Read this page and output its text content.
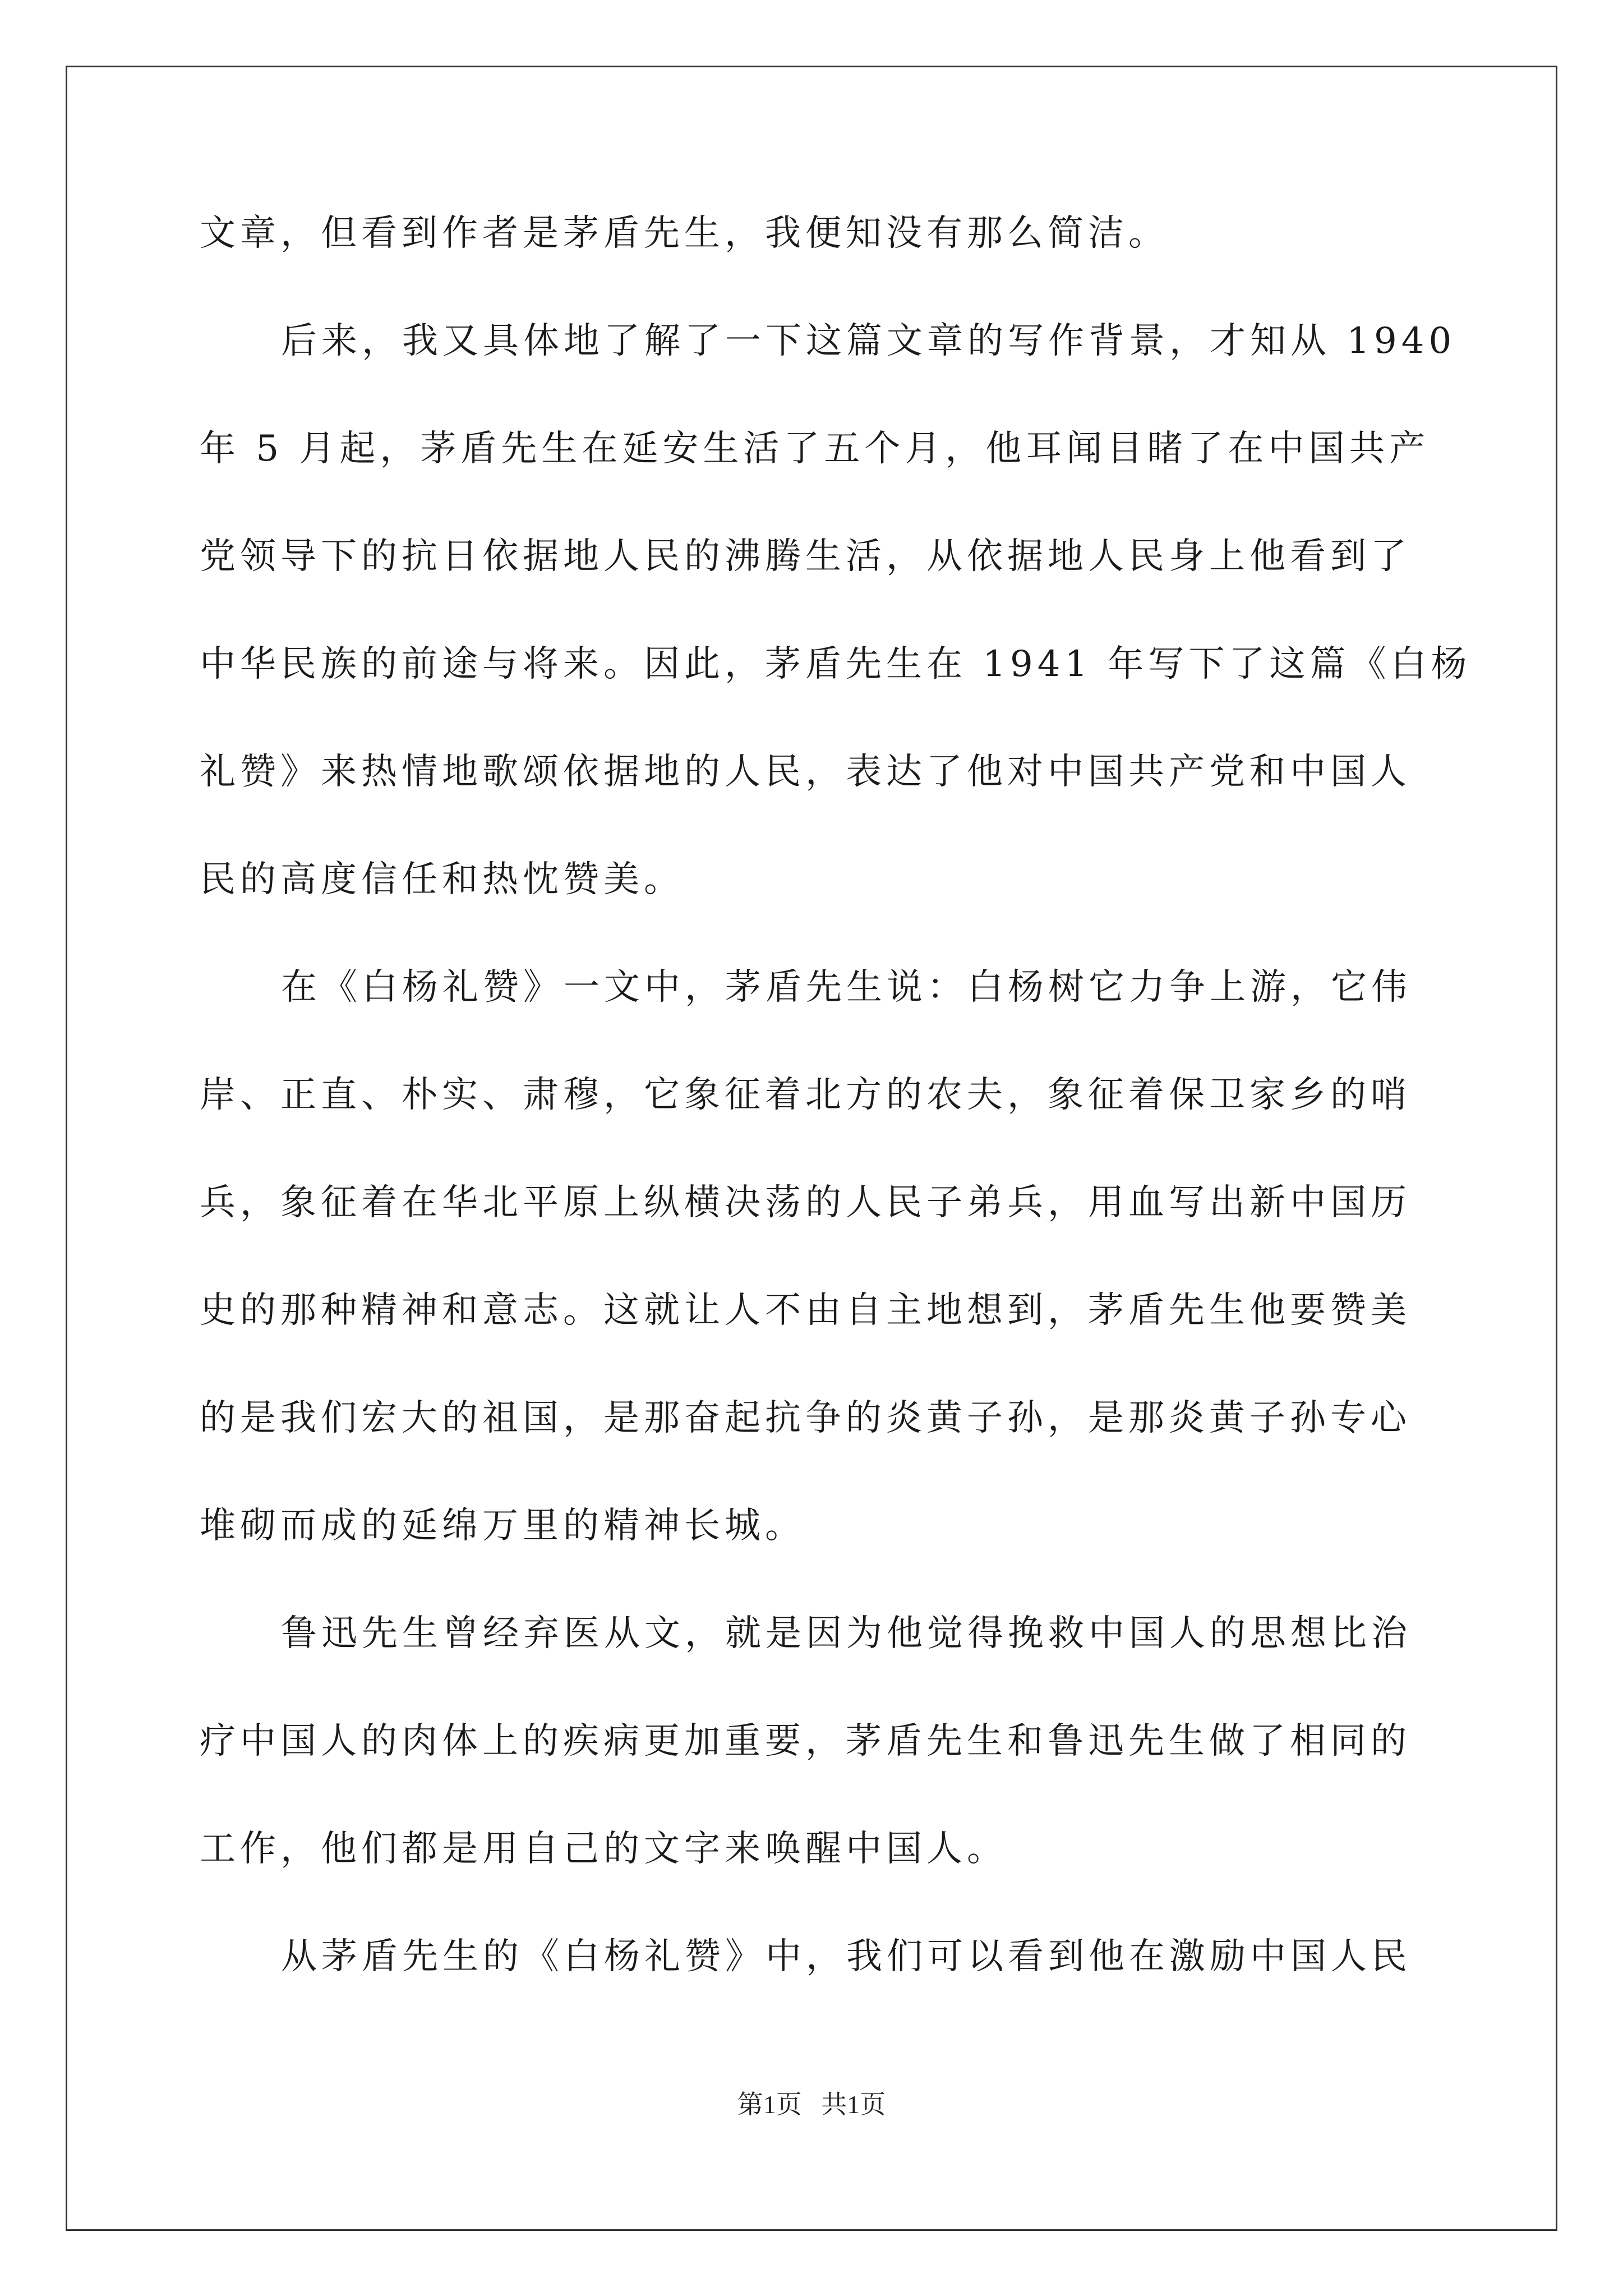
文章，但看到作者是茅盾先生，我便知没有那么简洁。
后来，我又具体地了解了一下这篇文章的写作背景，才知从 1940
年 5 月起，茅盾先生在延安生活了五个月，他耳闻目睹了在中国共产
党领导下的抗日依据地人民的沸腾生活，从依据地人民身上他看到了
中华民族的前途与将来。因此，茅盾先生在 1941 年写下了这篇《白杨
礼赞》来热情地歌颂依据地的人民，表达了他对中国共产党和中国人
民的高度信任和热忱赞美。
在《白杨礼赞》一文中，茅盾先生说：白杨树它力争上游，它伟
岸、正直、朴实、肃穆，它象征着北方的农夫，象征着保卫家乡的哨
兵，象征着在华北平原上纵横决荡的人民子弟兵，用血写出新中国历
史的那种精神和意志。这就让人不由自主地想到，茅盾先生他要赞美
的是我们宏大的祖国，是那奋起抗争的炎黄子孙，是那炎黄子孙专心
堆砌而成的延绵万里的精神长城。
鲁迅先生曾经弃医从文，就是因为他觉得挽救中国人的思想比治
疗中国人的肉体上的疾病更加重要，茅盾先生和鲁迅先生做了相同的
工作，他们都是用自己的文字来唤醒中国人。
从茅盾先生的《白杨礼赞》中，我们可以看到他在激励中国人民
第1页   共1页
